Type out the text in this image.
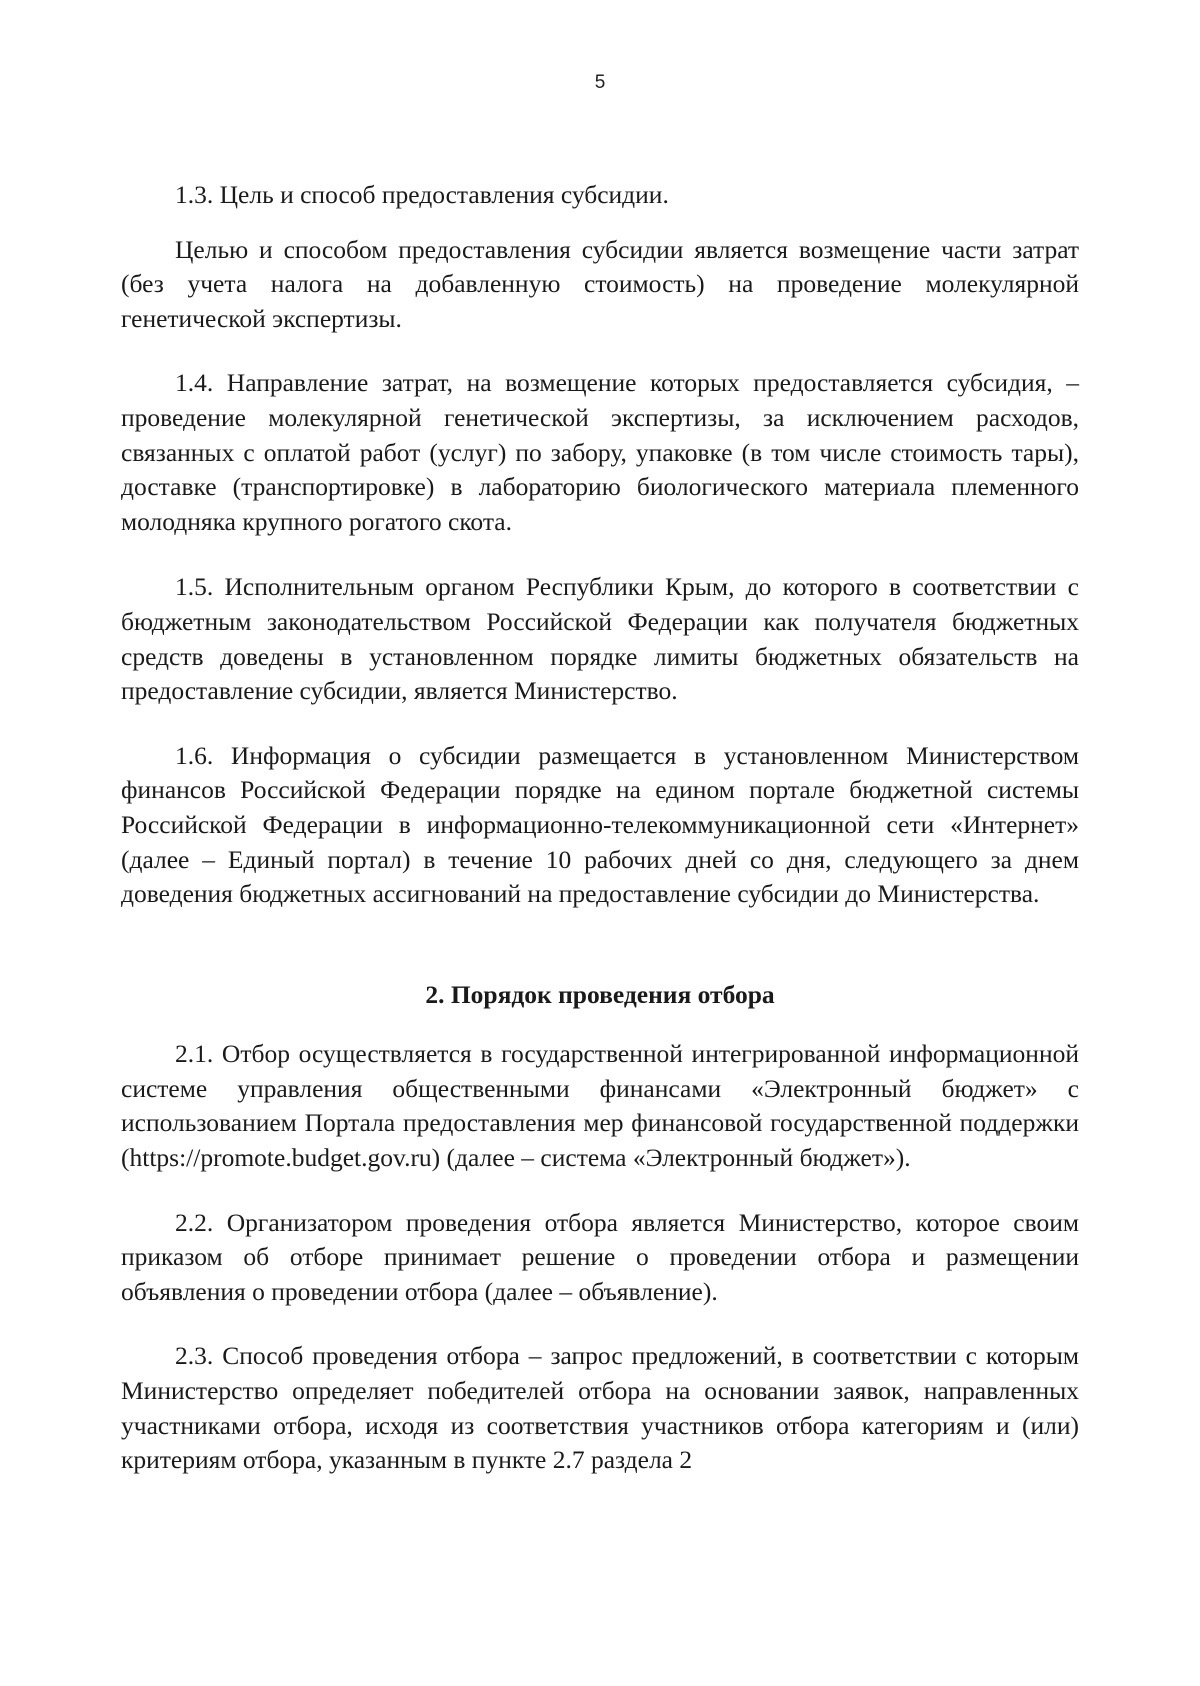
5

1.3. Цель и способ предоставления субсидии.

Целью и способом предоставления субсидии является возмещение части затрат (без учета налога на добавленную стоимость) на проведение молекулярной генетической экспертизы.

1.4. Направление затрат, на возмещение которых предоставляется субсидия, – проведение молекулярной генетической экспертизы, за исключением расходов, связанных с оплатой работ (услуг) по забору, упаковке (в том числе стоимость тары), доставке (транспортировке) в лабораторию биологического материала племенного молодняка крупного рогатого скота.

1.5. Исполнительным органом Республики Крым, до которого в соответствии с бюджетным законодательством Российской Федерации как получателя бюджетных средств доведены в установленном порядке лимиты бюджетных обязательств на предоставление субсидии, является Министерство.

1.6. Информация о субсидии размещается в установленном Министерством финансов Российской Федерации порядке на едином портале бюджетной системы Российской Федерации в информационно-телекоммуникационной сети «Интернет» (далее – Единый портал) в течение 10 рабочих дней со дня, следующего за днем доведения бюджетных ассигнований на предоставление субсидии до Министерства.

2. Порядок проведения отбора

2.1. Отбор осуществляется в государственной интегрированной информационной системе управления общественными финансами «Электронный бюджет» с использованием Портала предоставления мер финансовой государственной поддержки (https://promote.budget.gov.ru) (далее – система «Электронный бюджет»).

2.2. Организатором проведения отбора является Министерство, которое своим приказом об отборе принимает решение о проведении отбора и размещении объявления о проведении отбора (далее – объявление).

2.3. Способ проведения отбора – запрос предложений, в соответствии с которым Министерство определяет победителей отбора на основании заявок, направленных участниками отбора, исходя из соответствия участников отбора категориям и (или) критериям отбора, указанным в пункте 2.7 раздела 2
